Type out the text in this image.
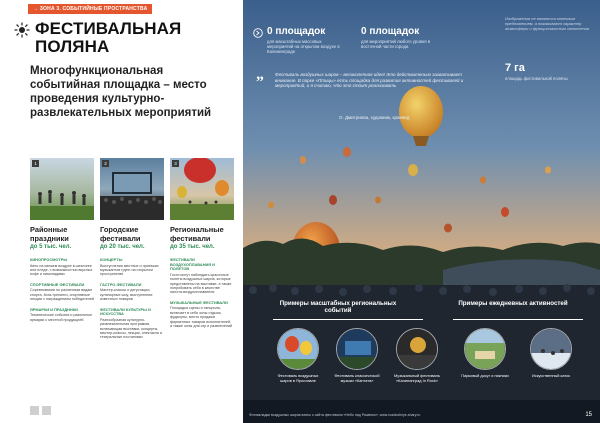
→ ЗОНА 3. СОБЫТИЙНЫЕ ПРОСТРАНСТВА
ФЕСТИВАЛЬНАЯ
ПОЛЯНА
Многофункциональная событийная площадка – место проведения культурно-развлекательных мероприятий
1	2	3
Районные праздники
до 5 тыс. чел.
КИНОПРОСМОТРЫ
Кино на свежем воздухе в шезлонге или пледе, с возможностью вкусных кофе и лимонадами
СПОРТИВНЫЕ ФЕСТИВАЛИ
Соревнования по различным видам спорта, йога-тренинги, спортивные лекции с нагрaждением победителей
ЯРМАРКИ И ПРАЗДНИКИ
Тематические события и различные ярмарки с местной продукцией
Городские фестивали
до 20 тыс. чел.
КОНЦЕРТЫ
Выступления местных и приезжих музыкантов групп на открытом пространстве
ГАСТРО-ФЕСТИВАЛИ
Мастер-классы и дегустации, кулинарные шоу, выступления известных поваров
ФЕСТИВАЛИ КУЛЬТУРЫ И ИСКУССТВА
Разнообразная культурно-развлекательная программа, включающая выставки, концерты, мастер-классы, лекции, спектакли и театральные постановки
Региональные фестивали
до 35 тыс. чел.
ФЕСТИВАЛИ ВОЗДУХОПЛАВАНИЯ И ПОЛЕТОВ
Гости могут наблюдать красочные полеты воздушных шаров, которые представлены на выставке, а также попробовать себя в качестве пилота-воздухоплавателя
МУЗЫКАЛЬНЫЕ ФЕСТИВАЛИ
Площадка сцены и танцпола, включает в себя зоны отдыха, фудкорты, место продажи фирменных товаров исполнителей, а также зоны для игр и развлечений
0 площадок
для масштабных массовых мероприятий на открытом воздухе в Калининграде
0 площадок
для мероприятий любого уровня в восточной части города
Изображения не являются конечным предложением, а показывают характер атмосферы и функционального наполнения
„ Фестиваль воздушных шаров – великолепная идея! Это действительно захватывает внимание. В парке «Птицы» есть площадка для развития активностей фестивалей и мероприятий, и я считаю, что это стоит реализовать
О. Дмитриева, художник, краевед
7 га
площадь фестивальной поляны
Примеры масштабных региональных событий
Примеры ежедневных активностей
Фестиваль воздушных шаров в Ярославле
Фестиваль классической музыки «Кантата»
Музыкальный фестиваль «Калининград In Rock»
Парковый досуг и пикники	Искусственный каток
Фотовкладки воздушных шаров взяты с сайта фестиваля «Небо над Рязанью», www.vozdushnye-shary.ru	15
